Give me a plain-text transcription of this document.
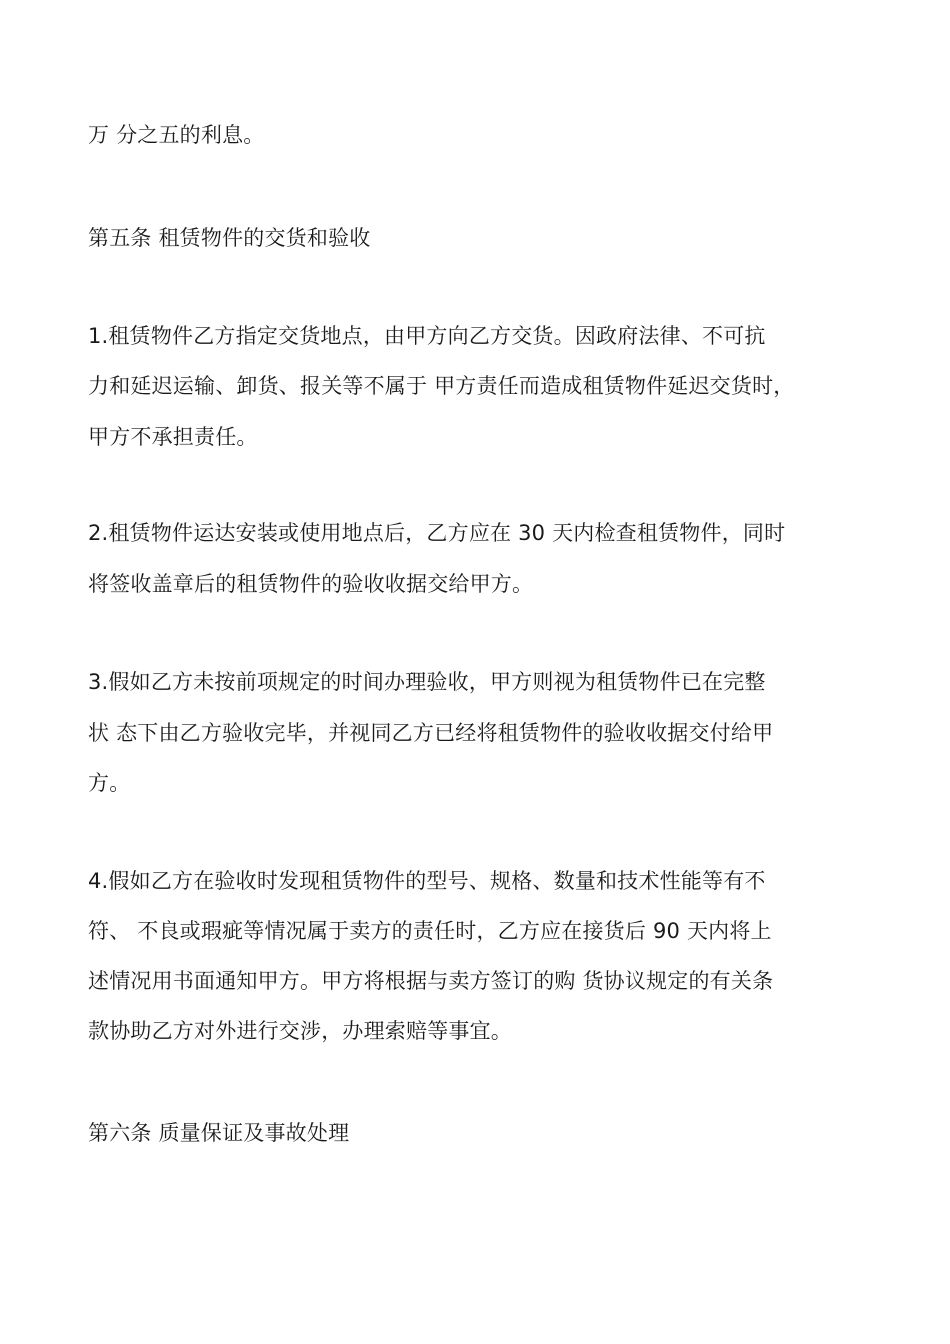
万 分之五的利息。
第五条 租赁物件的交货和验收
1.租赁物件乙方指定交货地点，由甲方向乙方交货。因政府法律、不可抗
力和延迟运输、卸货、报关等不属于 甲方责任而造成租赁物件延迟交货时，
甲方不承担责任。
2.租赁物件运达安装或使用地点后，乙方应在 30 天内检查租赁物件，同时
将签收盖章后的租赁物件的验收收据交给甲方。
3.假如乙方未按前项规定的时间办理验收，甲方则视为租赁物件已在完整
状 态下由乙方验收完毕，并视同乙方已经将租赁物件的验收收据交付给甲
方。
4.假如乙方在验收时发现租赁物件的型号、规格、数量和技术性能等有不
符、 不良或瑕疵等情况属于卖方的责任时，乙方应在接货后 90 天内将上
述情况用书面通知甲方。甲方将根据与卖方签订的购 货协议规定的有关条
款协助乙方对外进行交涉，办理索赔等事宜。
第六条 质量保证及事故处理
